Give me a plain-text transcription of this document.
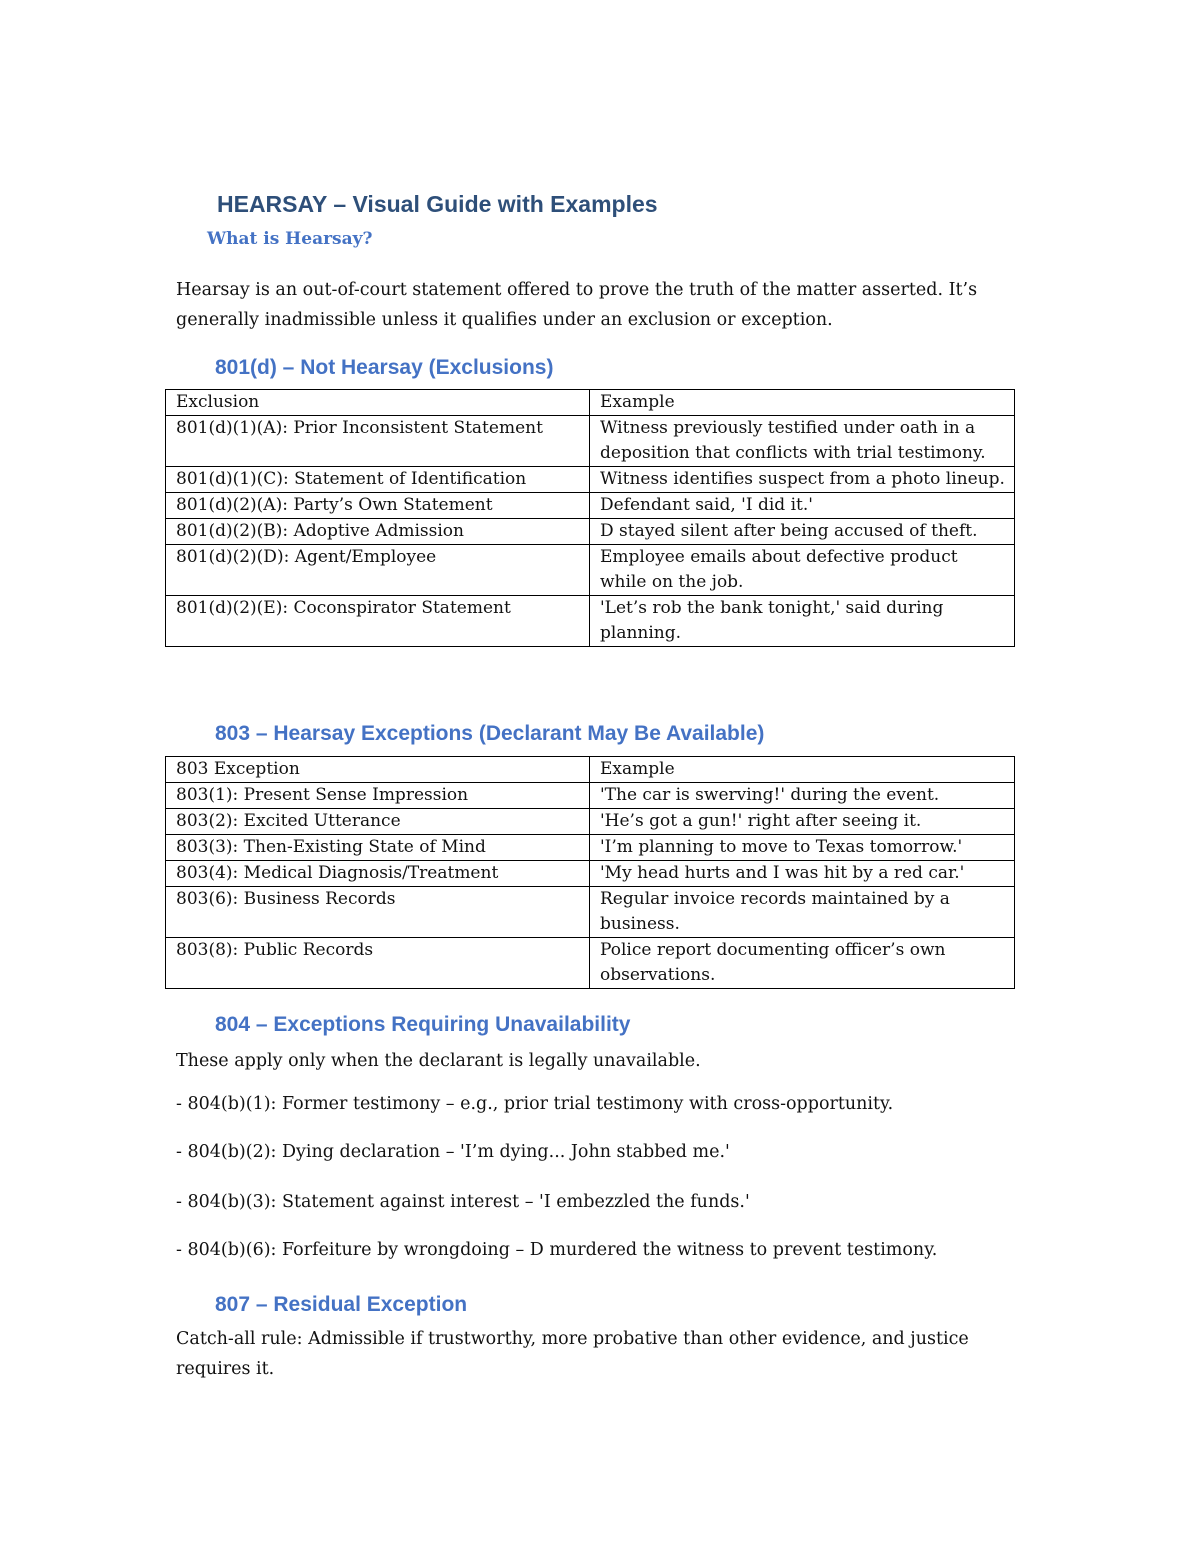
HEARSAY – Visual Guide with Examples
What is Hearsay?

Hearsay is an out-of-court statement offered to prove the truth of the matter asserted. It’s generally inadmissible unless it qualifies under an exclusion or exception.

801(d) – Not Hearsay (Exclusions)
Exclusion	Example
801(d)(1)(A): Prior Inconsistent Statement	Witness previously testified under oath in a deposition that conflicts with trial testimony.
801(d)(1)(C): Statement of Identification	Witness identifies suspect from a photo lineup.
801(d)(2)(A): Party’s Own Statement	Defendant said, 'I did it.'
801(d)(2)(B): Adoptive Admission	D stayed silent after being accused of theft.
801(d)(2)(D): Agent/Employee	Employee emails about defective product while on the job.
801(d)(2)(E): Coconspirator Statement	'Let’s rob the bank tonight,' said during planning.
803 – Hearsay Exceptions (Declarant May Be Available)
803 Exception	Example
803(1): Present Sense Impression	'The car is swerving!' during the event.
803(2): Excited Utterance	'He’s got a gun!' right after seeing it.
803(3): Then-Existing State of Mind	'I’m planning to move to Texas tomorrow.'
803(4): Medical Diagnosis/Treatment	'My head hurts and I was hit by a red car.'
803(6): Business Records	Regular invoice records maintained by a business.
803(8): Public Records	Police report documenting officer’s own observations.
804 – Exceptions Requiring Unavailability

These apply only when the declarant is legally unavailable.

- 804(b)(1): Former testimony – e.g., prior trial testimony with cross-opportunity.

- 804(b)(2): Dying declaration – 'I’m dying... John stabbed me.'

- 804(b)(3): Statement against interest – 'I embezzled the funds.'

- 804(b)(6): Forfeiture by wrongdoing – D murdered the witness to prevent testimony.

807 – Residual Exception

Catch-all rule: Admissible if trustworthy, more probative than other evidence, and justice requires it.
